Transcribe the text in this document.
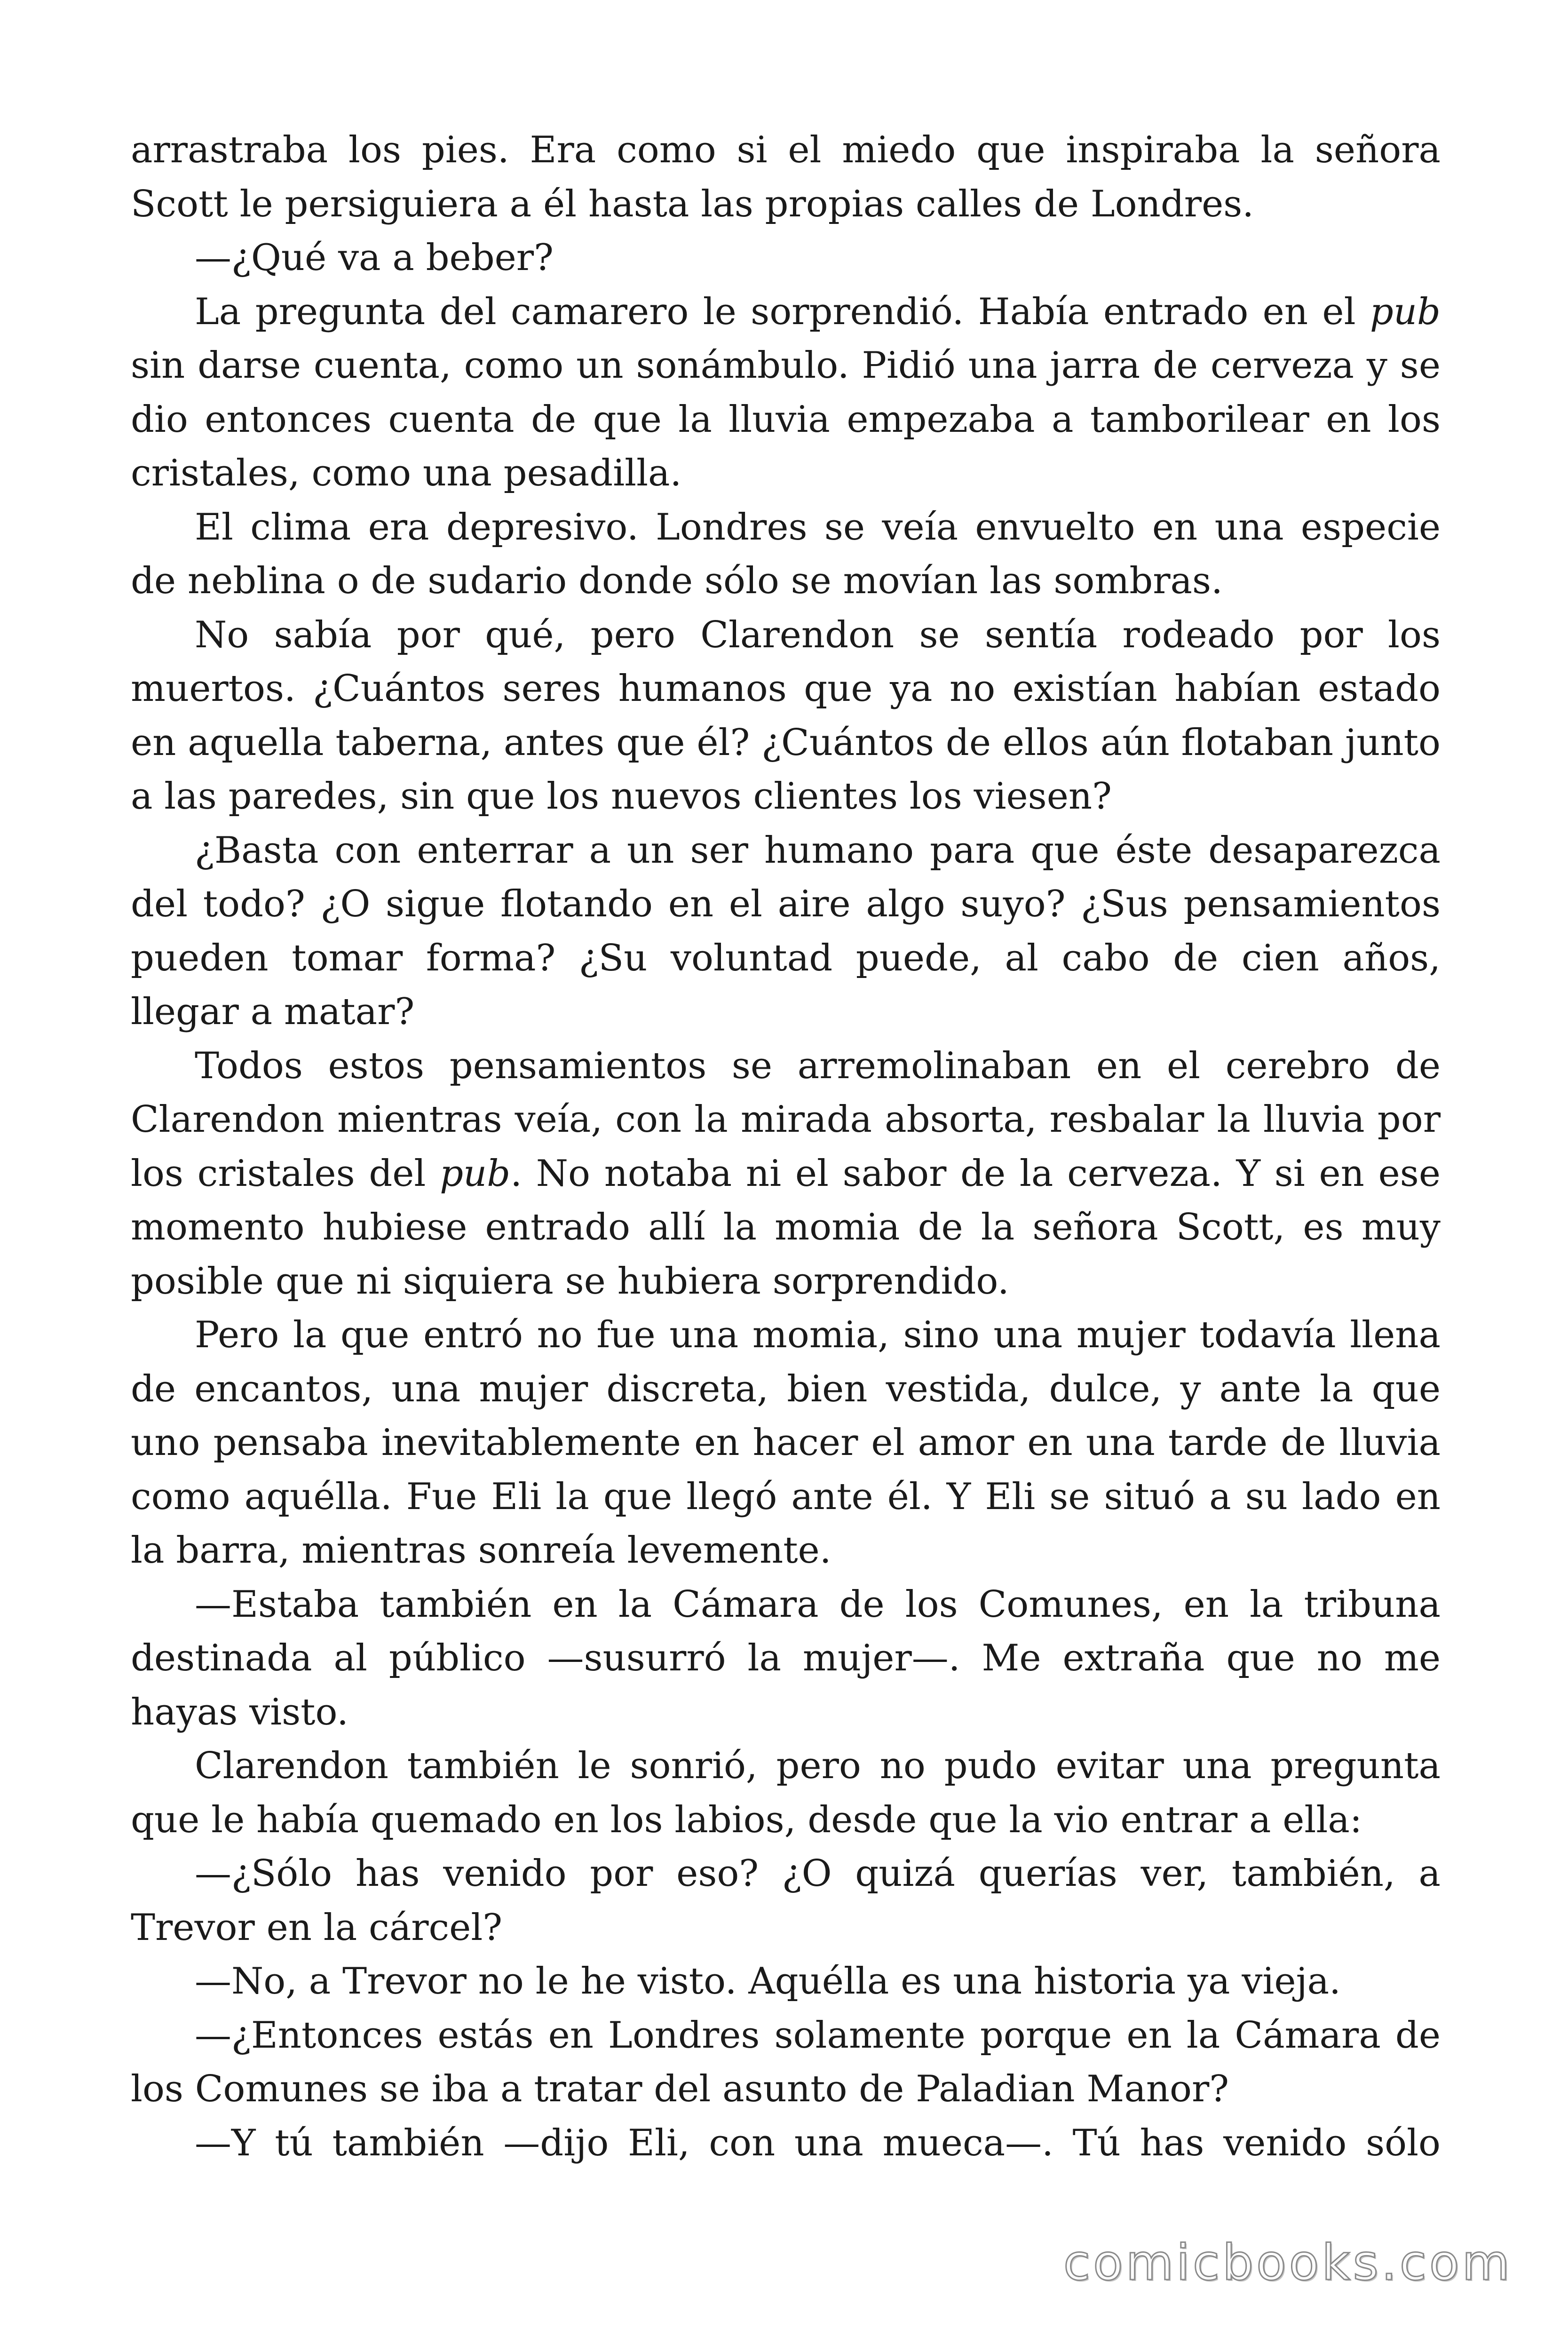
arrastraba los pies. Era como si el miedo que inspiraba la señora Scott le persiguiera a él hasta las propias calles de Londres.

—¿Qué va a beber?

La pregunta del camarero le sorprendió. Había entrado en el pub sin darse cuenta, como un sonámbulo. Pidió una jarra de cerveza y se dio entonces cuenta de que la lluvia empezaba a tamborilear en los cristales, como una pesadilla.

El clima era depresivo. Londres se veía envuelto en una especie de neblina o de sudario donde sólo se movían las sombras.

No sabía por qué, pero Clarendon se sentía rodeado por los muertos. ¿Cuántos seres humanos que ya no existían habían estado en aquella taberna, antes que él? ¿Cuántos de ellos aún flotaban junto a las paredes, sin que los nuevos clientes los viesen?

¿Basta con enterrar a un ser humano para que éste desaparezca del todo? ¿O sigue flotando en el aire algo suyo? ¿Sus pensamientos pueden tomar forma? ¿Su voluntad puede, al cabo de cien años, llegar a matar?

Todos estos pensamientos se arremolinaban en el cerebro de Clarendon mientras veía, con la mirada absorta, resbalar la lluvia por los cristales del pub. No notaba ni el sabor de la cerveza. Y si en ese momento hubiese entrado allí la momia de la señora Scott, es muy posible que ni siquiera se hubiera sorprendido.

Pero la que entró no fue una momia, sino una mujer todavía llena de encantos, una mujer discreta, bien vestida, dulce, y ante la que uno pensaba inevitablemente en hacer el amor en una tarde de lluvia como aquélla. Fue Eli la que llegó ante él. Y Eli se situó a su lado en la barra, mientras sonreía levemente.

—Estaba también en la Cámara de los Comunes, en la tribuna destinada al público —susurró la mujer—. Me extraña que no me hayas visto.

Clarendon también le sonrió, pero no pudo evitar una pregunta que le había quemado en los labios, desde que la vio entrar a ella:

—¿Sólo has venido por eso? ¿O quizá querías ver, también, a Trevor en la cárcel?

—No, a Trevor no le he visto. Aquélla es una historia ya vieja.

—¿Entonces estás en Londres solamente porque en la Cámara de los Comunes se iba a tratar del asunto de Paladian Manor?

—Y tú también —dijo Eli, con una mueca—. Tú has venido sólo

comicbooks.com
